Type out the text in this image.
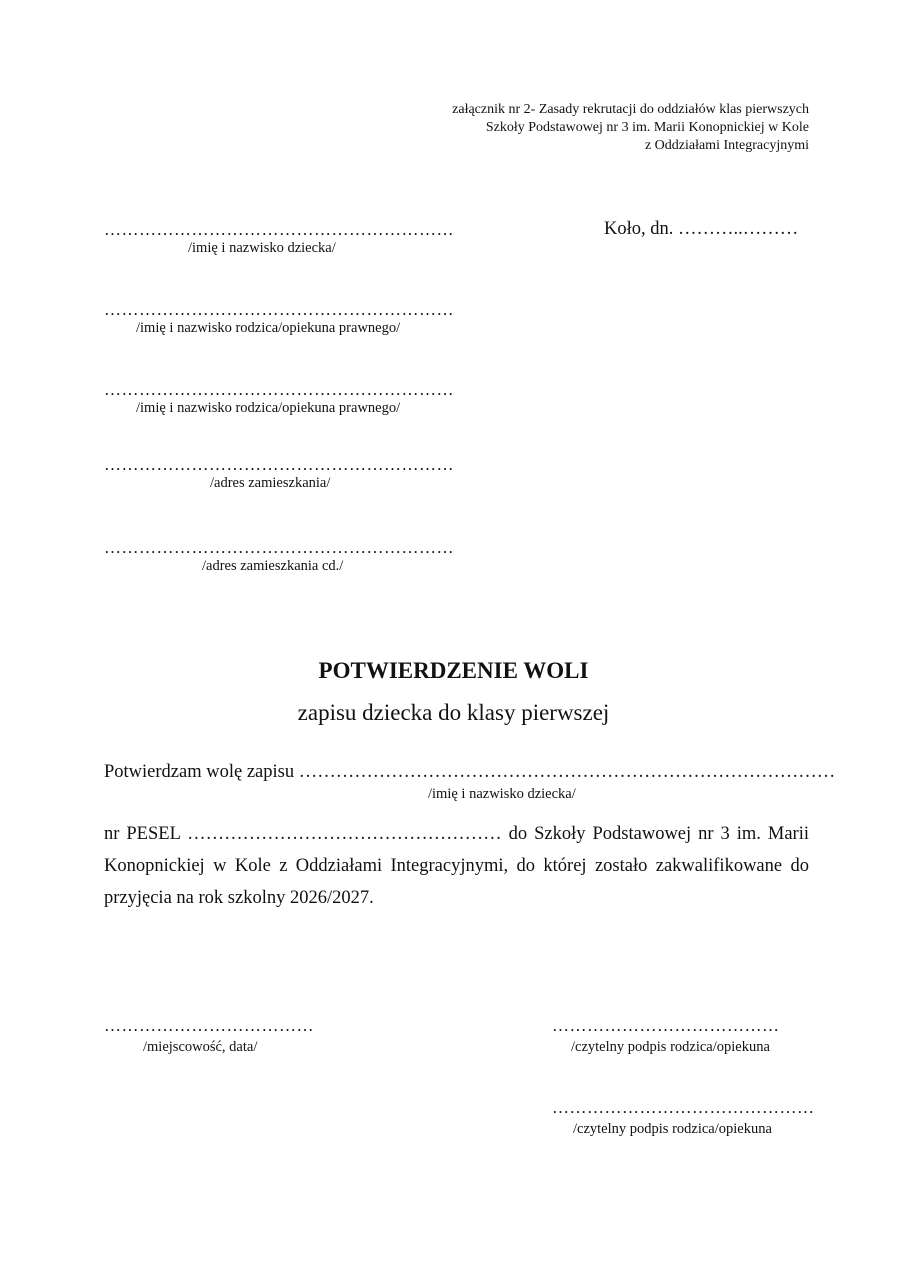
załącznik nr 2- Zasady rekrutacji do oddziałów klas pierwszych
Szkoły Podstawowej nr 3 im. Marii Konopnickiej w Kole
z Oddziałami Integracyjnymi
Koło, dn. ………..………
……………………………………………………
/imię i nazwisko dziecka/
……………………………………………………
/imię i nazwisko rodzica/opiekuna prawnego/
……………………………………………………
/imię i nazwisko rodzica/opiekuna prawnego/
……………………………………………………
/adres zamieszkania/
……………………………………………………
/adres zamieszkania cd./
POTWIERDZENIE WOLI
zapisu dziecka do klasy pierwszej
Potwierdzam wolę zapisu ……………………………………………………………………………
/imię i nazwisko dziecka/
nr PESEL …………………………………………… do Szkoły Podstawowej nr 3 im. Marii
Konopnickiej w Kole z Oddziałami Integracyjnymi, do której zostało zakwalifikowane do
przyjęcia na rok szkolny 2026/2027.
………………………………
/miejscowość, data/
…………………………………
/czytelny podpis rodzica/opiekuna
………………………………………
/czytelny podpis rodzica/opiekuna
